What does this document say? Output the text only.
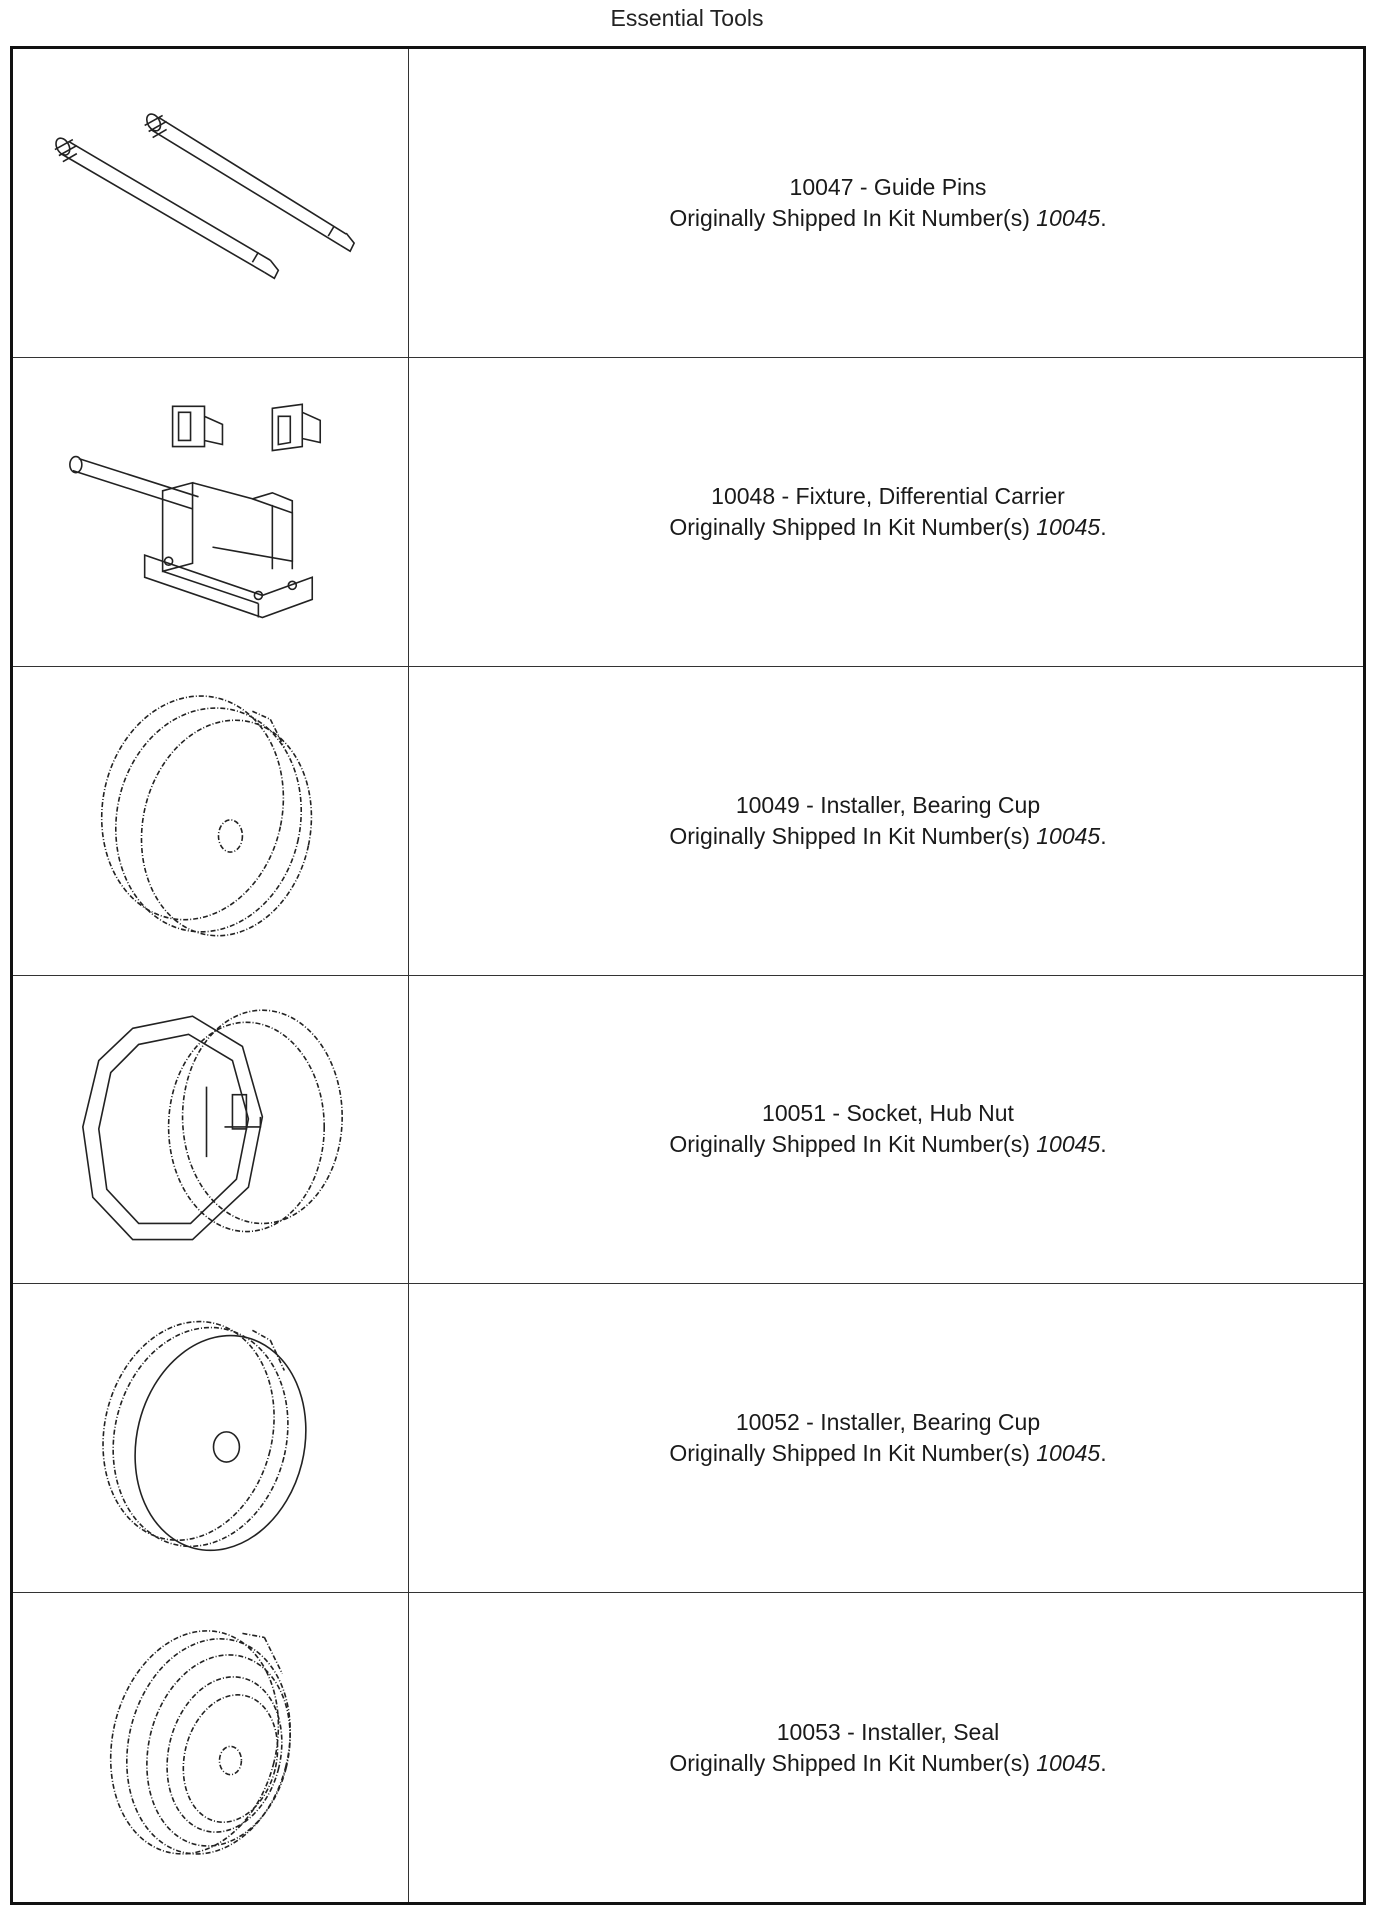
Essential Tools
10047 - Guide Pins
Originally Shipped In Kit Number(s) 10045.
10048 - Fixture, Differential Carrier
Originally Shipped In Kit Number(s) 10045.
10049 - Installer, Bearing Cup
Originally Shipped In Kit Number(s) 10045.
10051 - Socket, Hub Nut
Originally Shipped In Kit Number(s) 10045.
10052 - Installer, Bearing Cup
Originally Shipped In Kit Number(s) 10045.
10053 - Installer, Seal
Originally Shipped In Kit Number(s) 10045.
